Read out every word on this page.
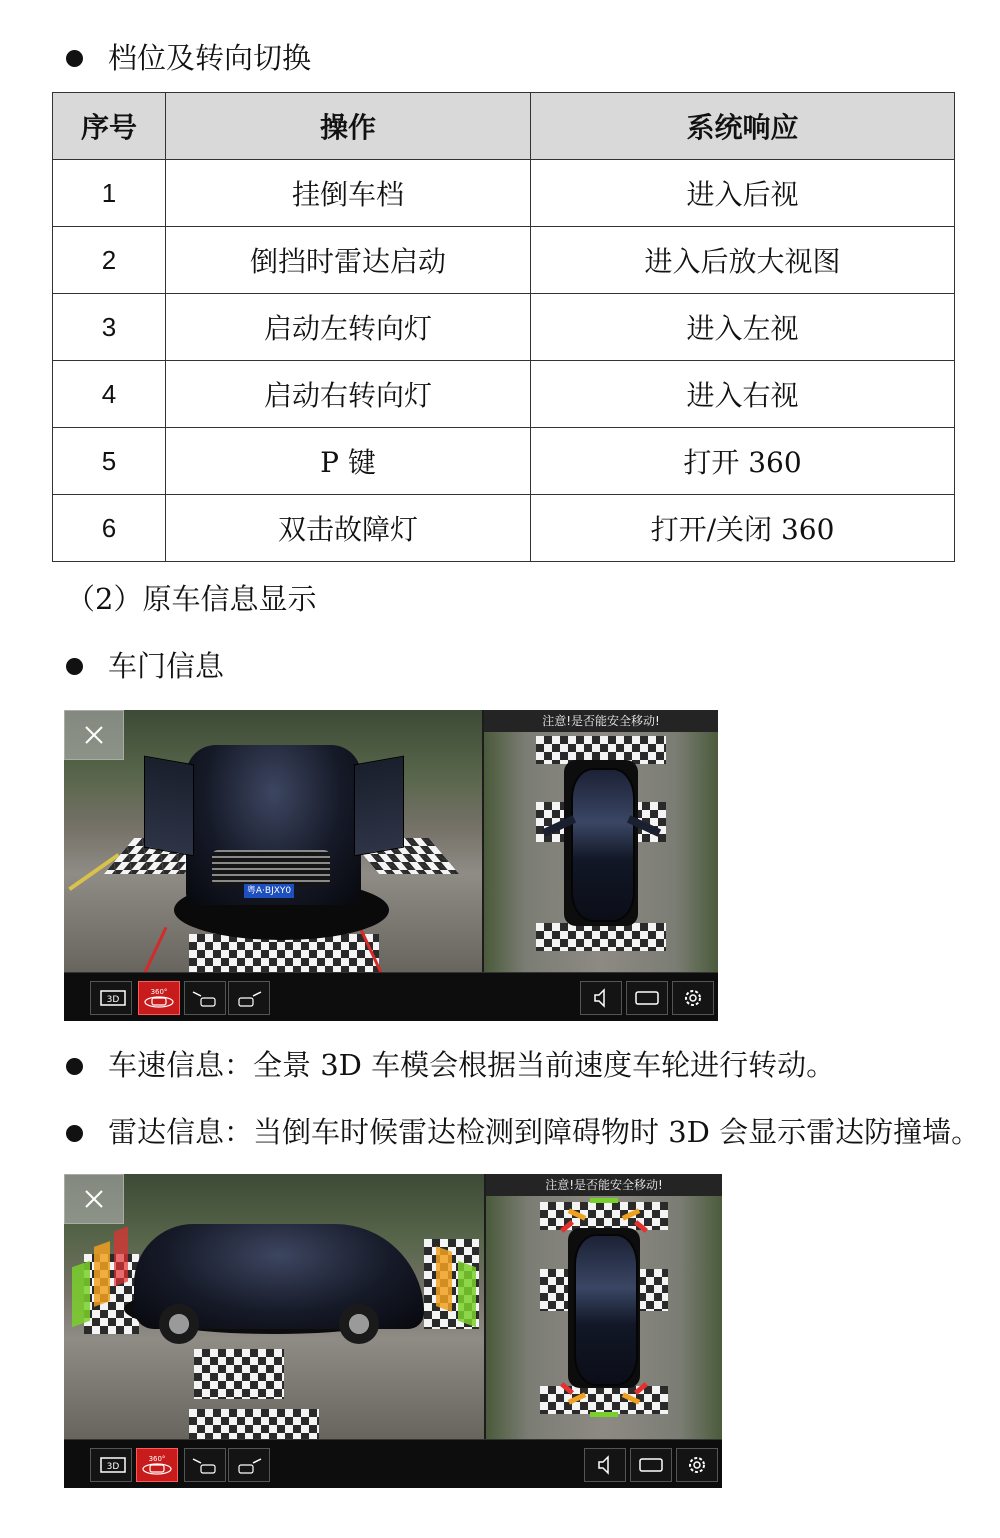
档位及转向切换
序号	操作	系统响应
1	挂倒车档	进入后视
2	倒挡时雷达启动	进入后放大视图
3	启动左转向灯	进入左视
4	启动右转向灯	进入右视
5	P 键	打开 360
6	双击故障灯	打开/关闭 360
（2）原车信息显示
车门信息
粤A·BJXY0
注意!是否能安全移动!
3D
360°
车速信息：全景 3D 车模会根据当前速度车轮进行转动。
雷达信息：当倒车时候雷达检测到障碍物时 3D 会显示雷达防撞墙。
注意!是否能安全移动!
3D
360°
